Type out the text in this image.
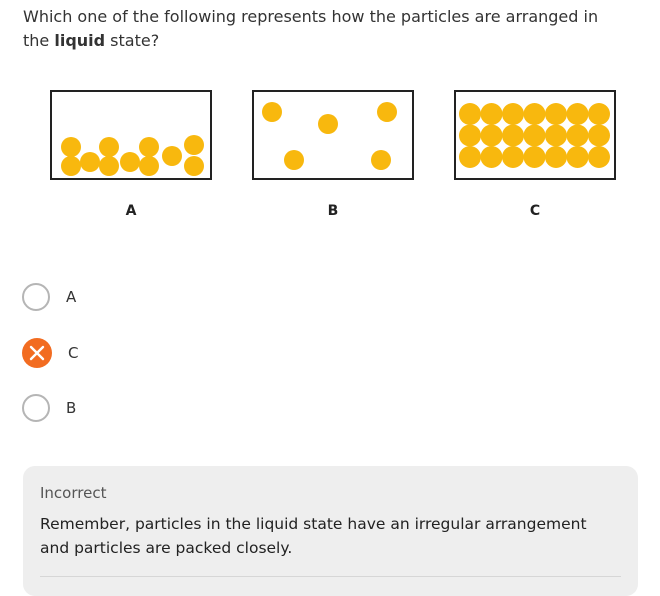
Which one of the following represents how the particles are arranged in the liquid state?
A	B	C
A
C
B
Incorrect
Remember, particles in the liquid state have an irregular arrangement and particles are packed closely.
